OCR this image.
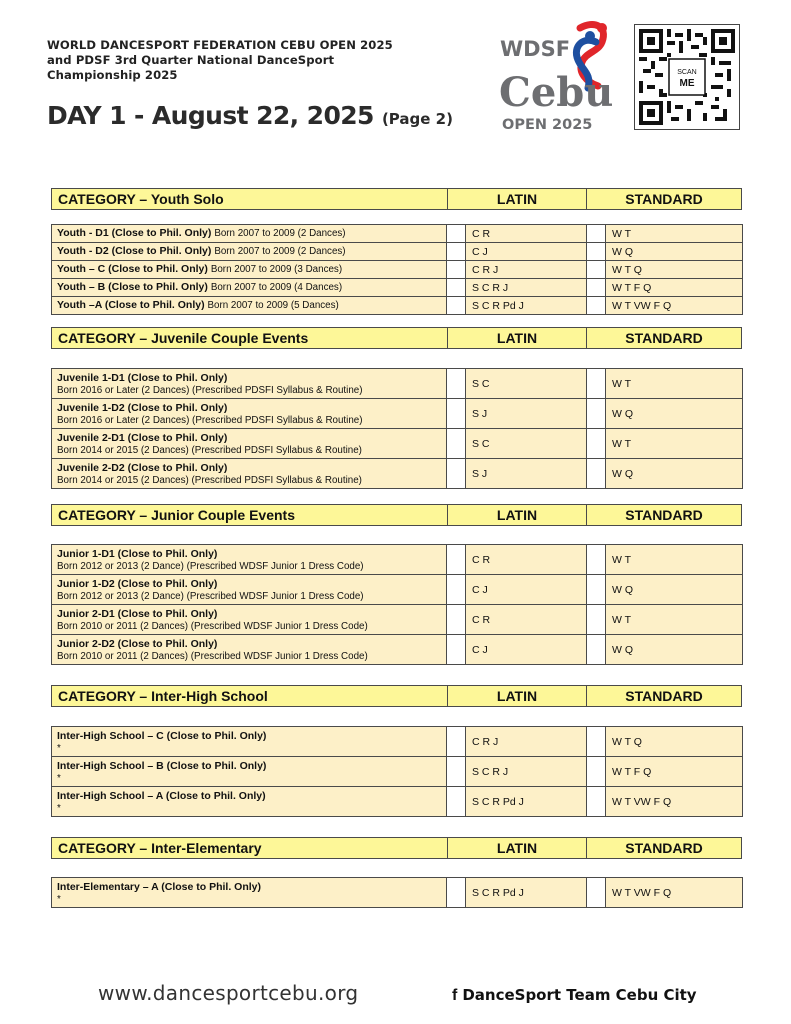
WORLD DANCESPORT FEDERATION CEBU OPEN 2025
and PDSF 3rd Quarter National DanceSport
Championship 2025
DAY 1 - August 22, 2025 (Page 2)
WDSF
Cebu
OPEN 2025
SCAN
ME
CATEGORY – Youth Solo	LATIN	STANDARD
Youth - D1 (Close to Phil. Only) Born 2007 to 2009 (2 Dances)	C R	W T
Youth - D2 (Close to Phil. Only) Born 2007 to 2009 (2 Dances)	C J	W Q
Youth – C (Close to Phil. Only) Born 2007 to 2009 (3 Dances)	C R J	W T Q
Youth – B (Close to Phil. Only) Born 2007 to 2009 (4 Dances)	S C R J	W T F Q
Youth –A (Close to Phil. Only) Born 2007 to 2009 (5 Dances)	S C R Pd J	W T VW F Q
CATEGORY – Juvenile Couple Events	LATIN	STANDARD
Juvenile 1-D1 (Close to Phil. Only)
Born 2016 or Later (2 Dances) (Prescribed PDSFI Syllabus & Routine)
S C	W T
Juvenile 1-D2 (Close to Phil. Only)
Born 2016 or Later (2 Dances) (Prescribed PDSFI Syllabus & Routine)
S J	W Q
Juvenile 2-D1 (Close to Phil. Only)
Born 2014 or 2015 (2 Dances) (Prescribed PDSFI Syllabus & Routine)
S C	W T
Juvenile 2-D2 (Close to Phil. Only)
Born 2014 or 2015 (2 Dances) (Prescribed PDSFI Syllabus & Routine)
S J	W Q
CATEGORY – Junior Couple Events	LATIN	STANDARD
Junior 1-D1 (Close to Phil. Only)
Born 2012 or 2013 (2 Dance) (Prescribed WDSF Junior 1 Dress Code)
C R	W T
Junior 1-D2 (Close to Phil. Only)
Born 2012 or 2013 (2 Dance) (Prescribed WDSF Junior 1 Dress Code)
C J	W Q
Junior 2-D1 (Close to Phil. Only)
Born 2010 or 2011 (2 Dances) (Prescribed WDSF Junior 1 Dress Code)
C R	W T
Junior 2-D2 (Close to Phil. Only)
Born 2010 or 2011 (2 Dances) (Prescribed WDSF Junior 1 Dress Code)
C J	W Q
CATEGORY – Inter-High School	LATIN	STANDARD
Inter-High School – C (Close to Phil. Only)
*
C R J	W T Q
Inter-High School – B (Close to Phil. Only)
*
S C R J	W T F Q
Inter-High School – A (Close to Phil. Only)
*
S C R Pd J	W T VW F Q
CATEGORY – Inter-Elementary	LATIN	STANDARD
Inter-Elementary – A (Close to Phil. Only)
*
S C R Pd J	W T VW F Q
www.dancesportcebu.org	f DanceSport Team Cebu City
